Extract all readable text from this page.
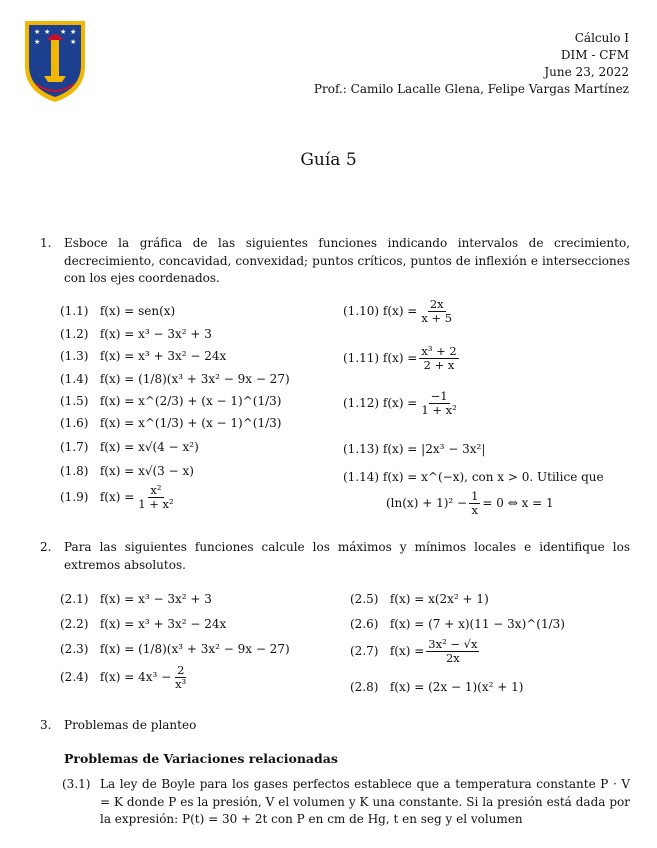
★ ★ ★ ★
★	★	Cálculo I
DIM - CFM
June 23, 2022
Prof.: Camilo Lacalle Glena, Felipe Vargas Martínez
Guía 5
1. Esboce la gráfica de las siguientes funciones indicando intervalos de crecimiento, decrecimiento, concavidad, convexidad; puntos críticos, puntos de inflexión e intersecciones con los ejes coordenados.
(1.1) f(x) = sen(x)
(1.2) f(x) = x³ − 3x² + 3
(1.3) f(x) = x³ + 3x² − 24x
(1.4) f(x) = (1/8)(x³ + 3x² − 9x − 27)
(1.5) f(x) = x^(2/3) + (x − 1)^(1/3)
(1.6) f(x) = x^(1/3) + (x − 1)^(1/3)
(1.7) f(x) = x√(4 − x²)
(1.8) f(x) = x√(3 − x)
(1.9) $f(x) = \frac{\text{x²}}{\text{1 + x²}}$
(1.10) $f(x) = \frac{2x}{x + 5}$
(1.11) $f(x) = \frac{\text{x³ + 2}}{2 + x}$
(1.12) $f(x) = \frac{-1}{\text{1 + x²}}$
(1.13) f(x) = |2x³ − 3x²|
(1.14) f(x) = x^(−x), con x > 0. Utilice que
$(\ln(x) + 1)^2 - \frac{1}{x} = 0$ ⇔ x = 1
2. Para las siguientes funciones calcule los máximos y mínimos locales e identifique los extremos absolutos.
(2.1) f(x) = x³ − 3x² + 3
(2.2) f(x) = x³ + 3x² − 24x
(2.3) f(x) = (1/8)(x³ + 3x² − 9x − 27)
(2.4) $f(x) = 4x^3 - \frac{2}{\text{x³}}$
(2.5) f(x) = x(2x² + 1)
(2.6) f(x) = (7 + x)(11 − 3x)^(1/3)
(2.7) $f(x) = \frac{\text{3x² − √x}}{2x}$
(2.8) f(x) = (2x − 1)(x² + 1)
3. Problemas de planteo
Problemas de Variaciones relacionadas
(3.1) La ley de Boyle para los gases perfectos establece que a temperatura constante P · V = K donde P es la presión, V el volumen y K una constante. Si la presión está dada por la expresión: P(t) = 30 + 2t con P en cm de Hg, t en seg y el volumen
